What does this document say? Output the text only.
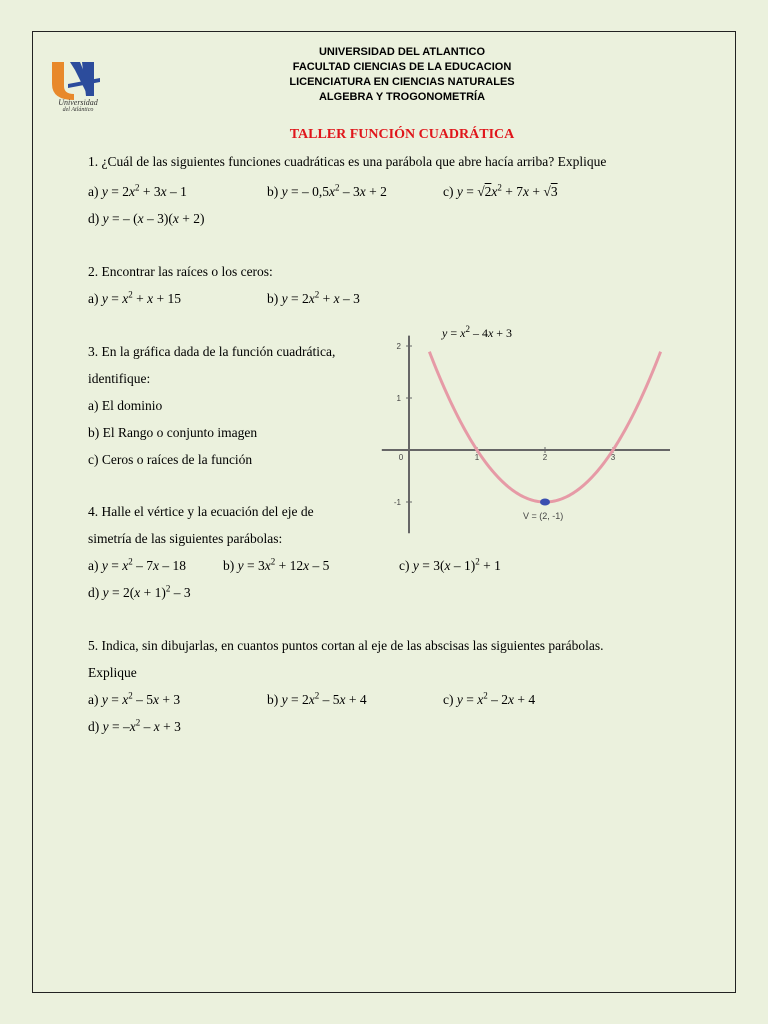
Universidad
del Atlántico
UNIVERSIDAD DEL ATLANTICO
FACULTAD CIENCIAS DE LA EDUCACION
LICENCIATURA EN CIENCIAS NATURALES
ALGEBRA Y TROGONOMETRÍA
TALLER FUNCIÓN CUADRÁTICA
1. ¿Cuál de las siguientes funciones cuadráticas es una parábola que abre hacía arriba? Explique
a) $y = 2x^2 + 3x - 1$	b) y = – $0,5x^2 - 3x + 2$	c) $y = √2x^2 + 7x + √3$
d) y = – (x – 3)(x + 2)
2. Encontrar las raíces o los ceros:
a) $y = x^2 + x + 15$	b) $y = 2x^2 + x - 3$
3. En la gráfica dada de la función cuadrática,
identifique:
a) El dominio
b) El Rango o conjunto imagen
c) Ceros o raíces de la función
$y = x^2 - 4x + 3$
0	1	2	3
2
1
-1
V = (2, -1)
4. Halle el vértice y la ecuación del eje de
simetría de las siguientes parábolas:
a) $y = x^2 - 7x - 18$	b) $y = 3x^2 + 12x - 5$	c) y = 3(x – 1)$^2$ + 1
d) $y = 2(x + 1)^2 - 3$
5. Indica, sin dibujarlas, en cuantos puntos cortan al eje de las abscisas las siguientes parábolas.
Explique
a) $y = x^2 - 5x + 3$	b) $y = 2x^2 - 5x + 4$	c) $y = x^2 - 2x + 4$
d) $y = -x^2 - x + 3$
